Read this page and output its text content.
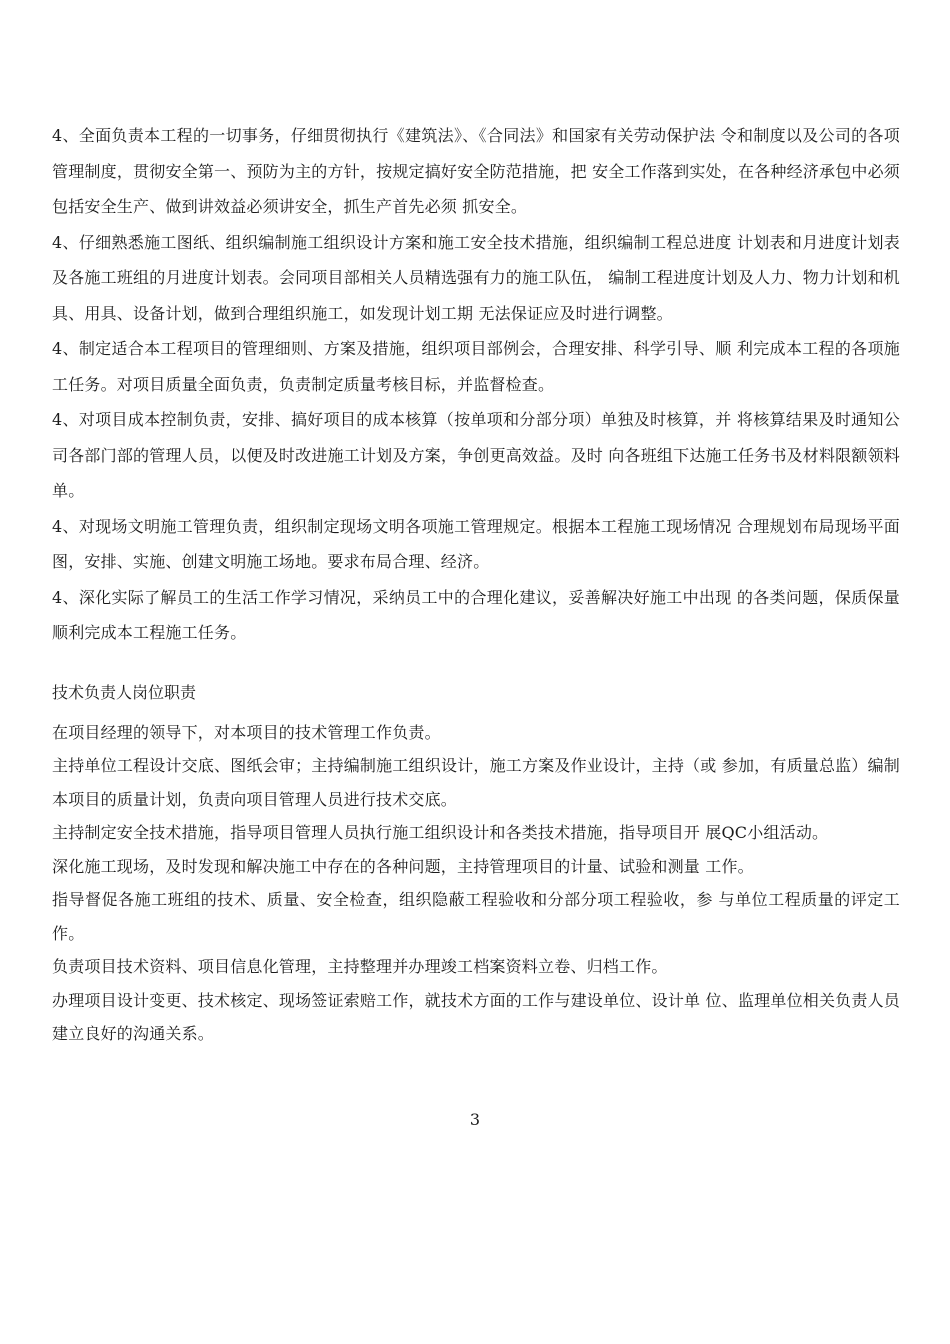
4、全面负责本工程的一切事务，仔细贯彻执行《建筑法》、《合同法》和国家有关劳动保护法 令和制度以及公司的各项管理制度，贯彻安全第一、预防为主的方针，按规定搞好安全防范措施，把 安全工作落到实处，在各种经济承包中必须包括安全生产、做到讲效益必须讲安全，抓生产首先必须 抓安全。

4、仔细熟悉施工图纸、组织编制施工组织设计方案和施工安全技术措施，组织编制工程总进度 计划表和月进度计划表及各施工班组的月进度计划表。会同项目部相关人员精选强有力的施工队伍， 编制工程进度计划及人力、物力计划和机具、用具、设备计划，做到合理组织施工，如发现计划工期 无法保证应及时进行调整。

4、制定适合本工程项目的管理细则、方案及措施，组织项目部例会，合理安排、科学引导、顺 利完成本工程的各项施工任务。对项目质量全面负责，负责制定质量考核目标，并监督检查。

4、对项目成本控制负责，安排、搞好项目的成本核算（按单项和分部分项）单独及时核算，并 将核算结果及时通知公司各部门部的管理人员，以便及时改进施工计划及方案，争创更高效益。及时 向各班组下达施工任务书及材料限额领料单。

4、对现场文明施工管理负责，组织制定现场文明各项施工管理规定。根据本工程施工现场情况 合理规划布局现场平面图，安排、实施、创建文明施工场地。要求布局合理、经济。

4、深化实际了解员工的生活工作学习情况，采纳员工中的合理化建议，妥善解决好施工中出现 的各类问题，保质保量顺利完成本工程施工任务。

技术负责人岗位职责

在项目经理的领导下，对本项目的技术管理工作负责。

主持单位工程设计交底、图纸会审；主持编制施工组织设计，施工方案及作业设计，主持（或 参加，有质量总监）编制本项目的质量计划，负责向项目管理人员进行技术交底。

主持制定安全技术措施，指导项目管理人员执行施工组织设计和各类技术措施，指导项目开 展QC小组活动。

深化施工现场，及时发现和解决施工中存在的各种问题，主持管理项目的计量、试验和测量 工作。

指导督促各施工班组的技术、质量、安全检查，组织隐蔽工程验收和分部分项工程验收，参 与单位工程质量的评定工作。

负责项目技术资料、项目信息化管理，主持整理并办理竣工档案资料立卷、归档工作。

办理项目设计变更、技术核定、现场签证索赔工作，就技术方面的工作与建设单位、设计单 位、监理单位相关负责人员建立良好的沟通关系。

3
